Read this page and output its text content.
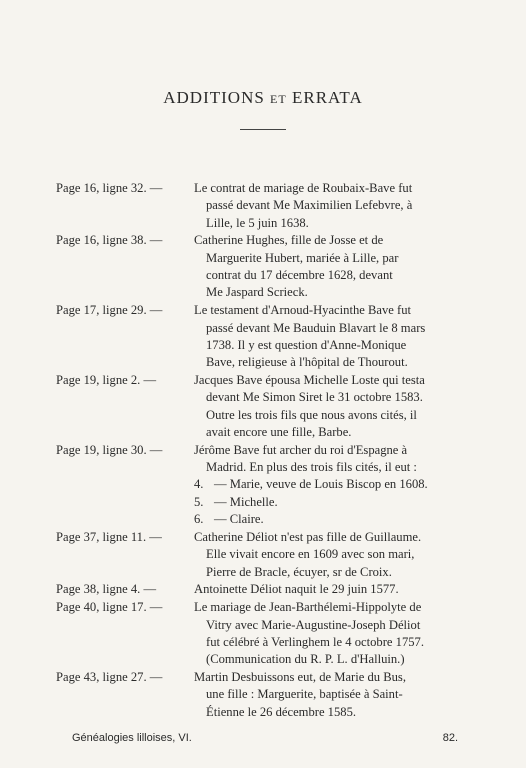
ADDITIONS ET ERRATA
Page 16, ligne 32. —	Le contrat de mariage de Roubaix-Bave fut
passé devant Me Maximilien Lefebvre, à
Lille, le 5 juin 1638.
Page 16, ligne 38. —	Catherine Hughes, fille de Josse et de
Marguerite Hubert, mariée à Lille, par
contrat du 17 décembre 1628, devant
Me Jaspard Scrieck.
Page 17, ligne 29. —	Le testament d'Arnoud-Hyacinthe Bave fut
passé devant Me Bauduin Blavart le 8 mars
1738. Il y est question d'Anne-Monique
Bave, religieuse à l'hôpital de Thourout.
Page 19, ligne 2. —	Jacques Bave épousa Michelle Loste qui testa
devant Me Simon Siret le 31 octobre 1583.
Outre les trois fils que nous avons cités, il
avait encore une fille, Barbe.
Page 19, ligne 30. —	Jérôme Bave fut archer du roi d'Espagne à
Madrid. En plus des trois fils cités, il eut :
4. — Marie, veuve de Louis Biscop en 1608.
5. — Michelle.
6. — Claire.
Page 37, ligne 11. —	Catherine Déliot n'est pas fille de Guillaume.
Elle vivait encore en 1609 avec son mari,
Pierre de Bracle, écuyer, sr de Croix.
Page 38, ligne 4. —	Antoinette Déliot naquit le 29 juin 1577.
Page 40, ligne 17. —	Le mariage de Jean-Barthélemi-Hippolyte de
Vitry avec Marie-Augustine-Joseph Déliot
fut célébré à Verlinghem le 4 octobre 1757.
(Communication du R. P. L. d'Halluin.)
Page 43, ligne 27. —	Martin Desbuissons eut, de Marie du Bus,
une fille : Marguerite, baptisée à Saint-
Étienne le 26 décembre 1585.
Généalogies lilloises, VI.	82.
